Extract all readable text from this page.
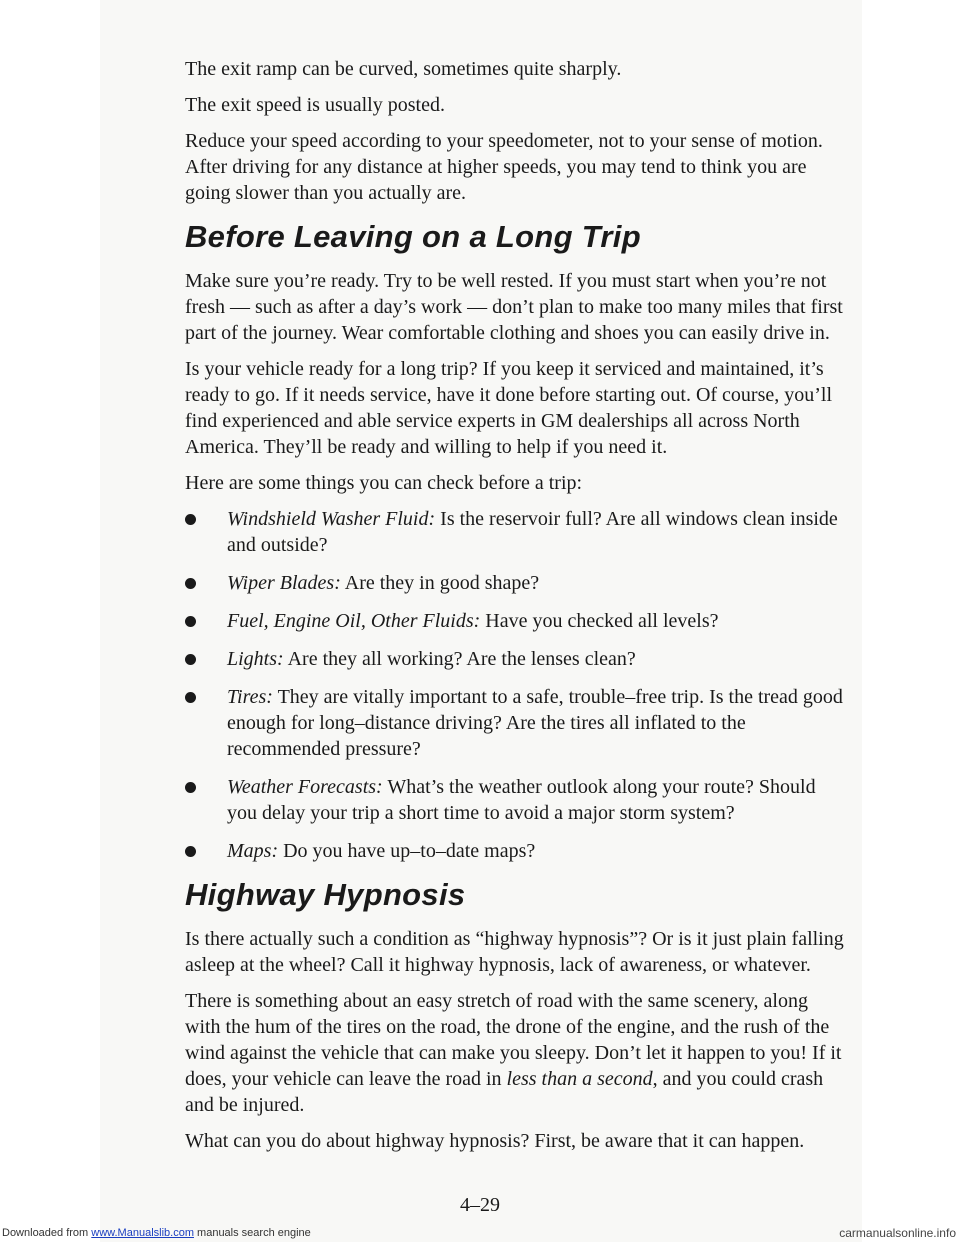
The exit ramp can be curved, sometimes quite sharply.

The exit speed is usually posted.

Reduce your speed according to your speedometer, not to your sense of motion. After driving for any distance at higher speeds, you may tend to think you are going slower than you actually are.

Before Leaving on a Long Trip

Make sure you’re ready. Try to be well rested. If you must start when you’re not fresh — such as after a day’s work — don’t plan to make too many miles that first part of the journey. Wear comfortable clothing and shoes you can easily drive in.

Is your vehicle ready for a long trip? If you keep it serviced and maintained, it’s ready to go. If it needs service, have it done before starting out. Of course, you’ll find experienced and able service experts in GM dealerships all across North America. They’ll be ready and willing to help if you need it.

Here are some things you can check before a trip:

Windshield Washer Fluid: Is the reservoir full? Are all windows clean inside and outside?
Wiper Blades: Are they in good shape?
Fuel, Engine Oil, Other Fluids: Have you checked all levels?
Lights: Are they all working? Are the lenses clean?
Tires: They are vitally important to a safe, trouble–free trip. Is the tread good enough for long–distance driving? Are the tires all inflated to the recommended pressure?
Weather Forecasts: What’s the weather outlook along your route? Should you delay your trip a short time to avoid a major storm system?
Maps: Do you have up–to–date maps?
Highway Hypnosis

Is there actually such a condition as “highway hypnosis”? Or is it just plain falling asleep at the wheel? Call it highway hypnosis, lack of awareness, or whatever.

There is something about an easy stretch of road with the same scenery, along with the hum of the tires on the road, the drone of the engine, and the rush of the wind against the vehicle that can make you sleepy. Don’t let it happen to you! If it does, your vehicle can leave the road in less than a second, and you could crash and be injured.

What can you do about highway hypnosis? First, be aware that it can happen.

4–29
Downloaded from www.Manualslib.com manuals search engine	carmanualsonline.info
